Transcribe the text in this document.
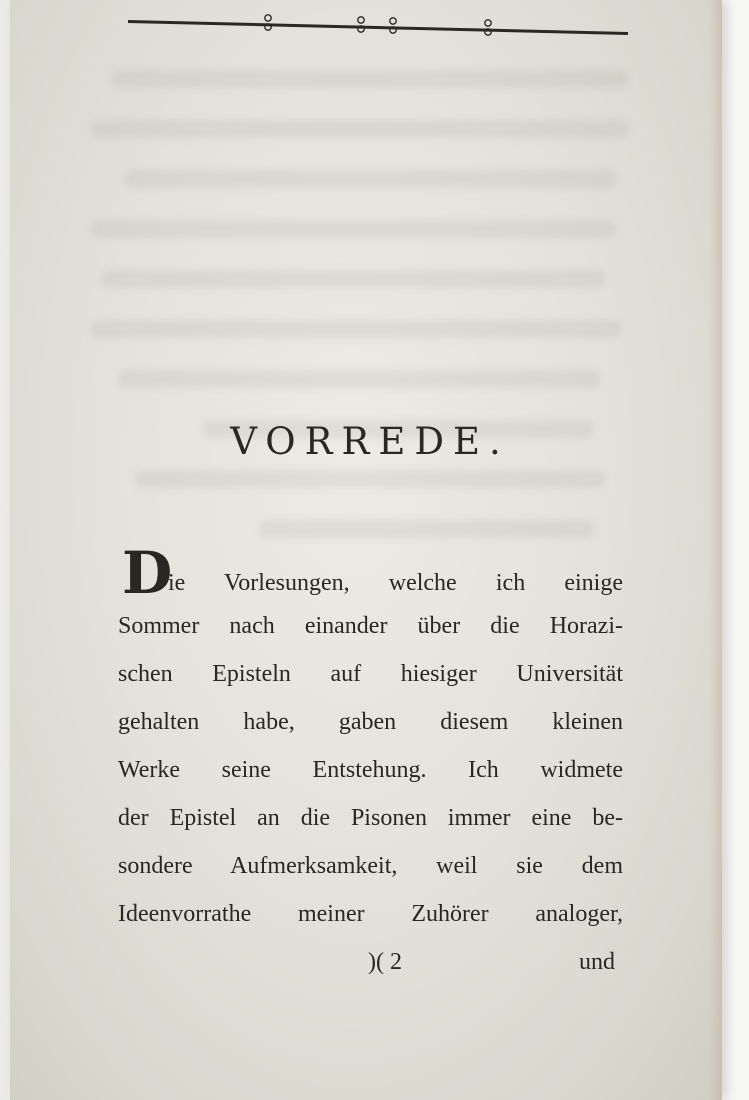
VORREDE.
D
ie Vorlesungen, welche ich einige
Sommer nach einander über die Horazi-
schen Episteln auf hiesiger Universität
gehalten habe, gaben diesem kleinen
Werke seine Entstehung. Ich widmete
der Epistel an die Pisonen immer eine be-
sondere Aufmerksamkeit, weil sie dem
Ideenvorrathe meiner Zuhörer analoger,
)( 2	und
